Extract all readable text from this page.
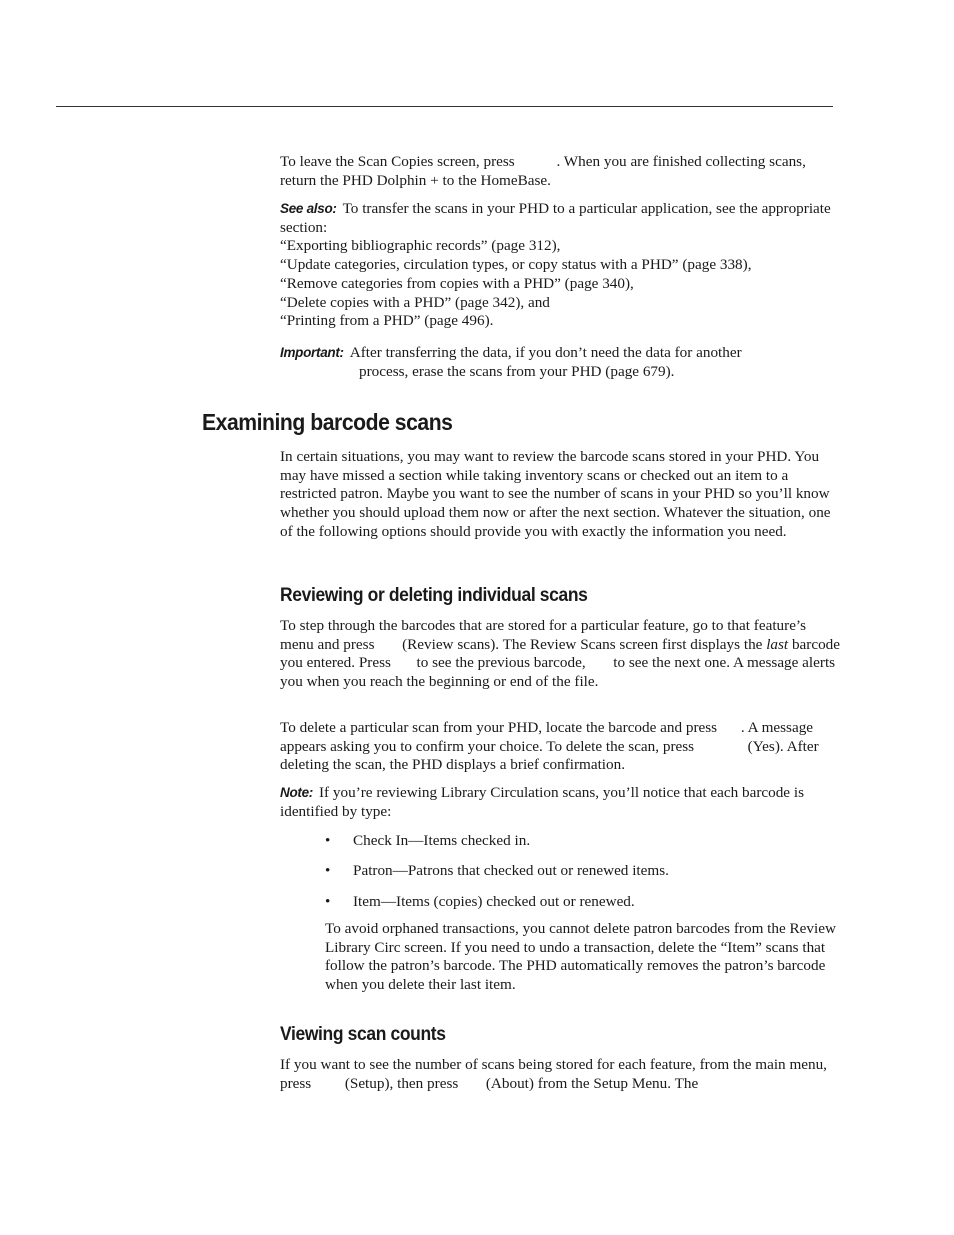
To leave the Scan Copies screen, press	. When you are finished collecting scans, return the PHD Dolphin + to the HomeBase.

See also: To transfer the scans in your PHD to a particular application, see the appropriate section:
“Exporting bibliographic records” (page 312),
“Update categories, circulation types, or copy status with a PHD” (page 338),
“Remove categories from copies with a PHD” (page 340),
“Delete copies with a PHD” (page 342), and
“Printing from a PHD” (page 496).

Important: After transferring the data, if you don’t need the data for another
process, erase the scans from your PHD (page 679).

Examining barcode scans

In certain situations, you may want to review the barcode scans stored in your PHD. You may have missed a section while taking inventory scans or checked out an item to a restricted patron. Maybe you want to see the number of scans in your PHD so you’ll know whether you should upload them now or after the next section. Whatever the situation, one of the following options should provide you with exactly the information you need.

Reviewing or deleting individual scans

To step through the barcodes that are stored for a particular feature, go to that feature’s menu and press  (Review scans). The Review Scans screen first displays the last barcode you entered. Press  to see the previous barcode,  to see the next one. A message alerts you when you reach the beginning or end of the file.

To delete a particular scan from your PHD, locate the barcode and press . A message appears asking you to confirm your choice. To delete the scan, press	(Yes). After deleting the scan, the PHD displays a brief confirmation.

Note: If you’re reviewing Library Circulation scans, you’ll notice that each barcode is identified by type:

• Check In—Items checked in.
• Patron—Patrons that checked out or renewed items.
• Item—Items (copies) checked out or renewed.

To avoid orphaned transactions, you cannot delete patron barcodes from the Review Library Circ screen. If you need to undo a transaction, delete the “Item” scans that follow the patron’s barcode. The PHD automatically removes the patron’s barcode when you delete their last item.

Viewing scan counts

If you want to see the number of scans being stored for each feature, from the main menu, press  (Setup), then press  (About) from the Setup Menu. The
